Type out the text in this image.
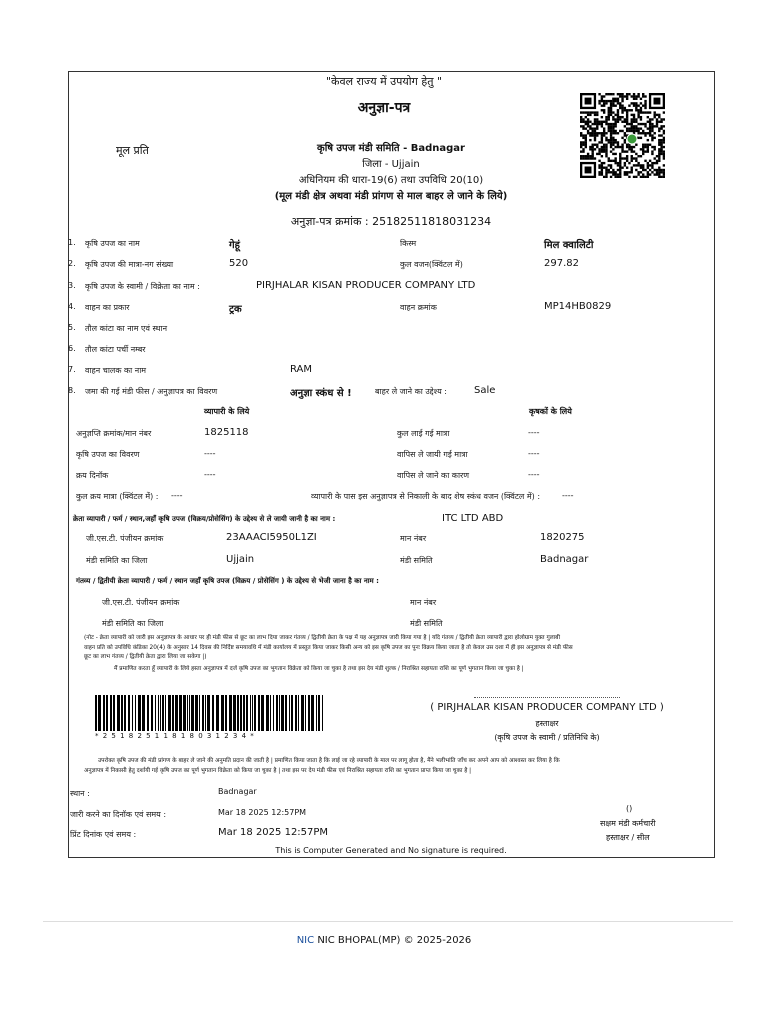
"केवल राज्य में उपयोग हेतु "
अनुज्ञा-पत्र
मूल प्रति	कृषि उपज मंडी समिति - Badnagar
जिला - Ujjain
अधिनियम की धारा-19(6) तथा उपविधि 20(10)
(मूल मंडी क्षेत्र अथवा मंडी प्रांगण से माल बाहर ले जाने के लिये)
अनुज्ञा-पत्र क्रमांक : 25182511818031234
1. कृषि उपज का नाम	गेहूं	किस्म	मिल क्वालिटी
2. कृषि उपज की मात्रा-नग संख्या	520	कुल वजन(क्विंटल में)	297.82
3. कृषि उपज के स्वामी / विक्रेता का नाम :	PIRJHALAR KISAN PRODUCER COMPANY LTD
4. वाहन का प्रकार	ट्रक	वाहन क्रमांक	MP14HB0829
5. तौल कांटा का नाम एवं स्थान
6. तौल कांटा पर्ची नम्बर
7. वाहन चालक का नाम	RAM
8. जमा की गई मंडी फीस / अनुज्ञापत्र का विवरण	अनुज्ञा स्कंध से !	बाहर ले जाने का उद्देश्य :	Sale
व्यापारी के लिये	कृषकों के लिये
अनुज्ञप्ति क्रमांक/मान नंबर	1825118	कुल लाई गई मात्रा	----
कृषि उपज का विवरण	----	वापिस ले जायी गई मात्रा	----
क्रय दिनॉक	----	वापिस ले जाने का कारण	----
कुल क्रय मात्रा (क्विंटल में) : ----	व्यापारी के पास इस अनुज्ञापत्र से निकाली के बाद शेष स्कंध वजन (क्विंटल में) :	----
क्रेता व्यापारी / फर्म / स्थान,जहॉं कृषि उपज (विक्रय/प्रोसेसिंग) के उद्देश्य से ले जायी जानी है का नाम :	ITC LTD ABD
जी.एस.टी. पंजीयन क्रमांक	23AAACI5950L1ZI	मान नंबर	1820275
मंडी समिति का जिला	Ujjain	मंडी समिति	Badnagar
गंतव्य / द्वितीयी क्रेता व्यापारी / फर्म / स्थान जहॉं कृषि उपज (विक्रय / प्रोसेसिंग ) के उद्देश्य से भेजी जाना है का नाम :
जी.एस.टी. पंजीयन क्रमांक	मान नंबर
मंडी समिति का जिला	मंडी समिति
(नोट - क्रेता व्यापारी को जारी इस अनुज्ञापत्र के आधार पर ही मंडी फीस से छूट का लाभ दिया जाकर गंतव्य / द्वितीयी क्रेता के पक्ष में यह अनुज्ञापत्र जारी किया गया है | यदि गंतव्य / द्वितीयी क्रेता व्यापारी द्वारा होलोग्राम युक्त गुलाबी
वाहन प्रति को उपविधि कंडिका 20(4) के अनुसार 14 दिवस की निर्दिष्ट समयावधि में मंडी कार्यालय में प्रस्तुत किया जाकर किसी अन्य को इस कृषि उपज का पुनः विक्रय किया जाता है तो केवल उस दशा में ही इस अनुज्ञापत्र से मंडी फीस
छूट का लाभ गंतव्य / द्वितीयी क्रेता द्वारा लिया जा सकेगा |)
मैं प्रमाणित करता हूँ व्यापारी के लिये हस्ता अनुज्ञापत्र में दर्ज कृषि उपज का भुगतान विक्रेता को किया जा चुका है तथा इस देय मंडी शुल्क / निराश्रित सहायता राशि का पूर्ण भुगतान किया जा चुका है |
* 2 5 1 8 2 5 1 1 8 1 8 0 3 1 2 3 4 *
( PIRJHALAR KISAN PRODUCER COMPANY LTD )
हस्ताक्षर
(कृषि उपज के स्वामी / प्रतिनिधि के)
उपरोक्त कृषि उपज की मंडी प्रांगण के बाहर ले जाने की अनुमति प्रदान की जाती है | प्रमाणित किया जाता है कि लाई जा रहे व्यापारी के माल पर लागू होता है, मैंने भलीभांति जाँच कर अपने आप को आश्वस्त कर लिया है कि
अनुज्ञापत्र में निकासी हेतु दर्शायी गई कृषि उपज का पूर्ण भुगतान विक्रेता को किया जा चुका है | तथा इस पर देय मंडी फीस एवं निराश्रित सहायता राशि का भुगतान प्राप्त किया जा चुका है |
स्थान :	Badnagar
जारी करने का दिनॉक एवं समय :	Mar 18 2025 12:57PM
प्रिंट दिनांक एवं समय :	Mar 18 2025 12:57PM
()
सक्षम मंडी कर्मचारी
हस्ताक्षर / सील
This is Computer Generated and No signature is required.
NIC NIC BHOPAL(MP) © 2025-2026
